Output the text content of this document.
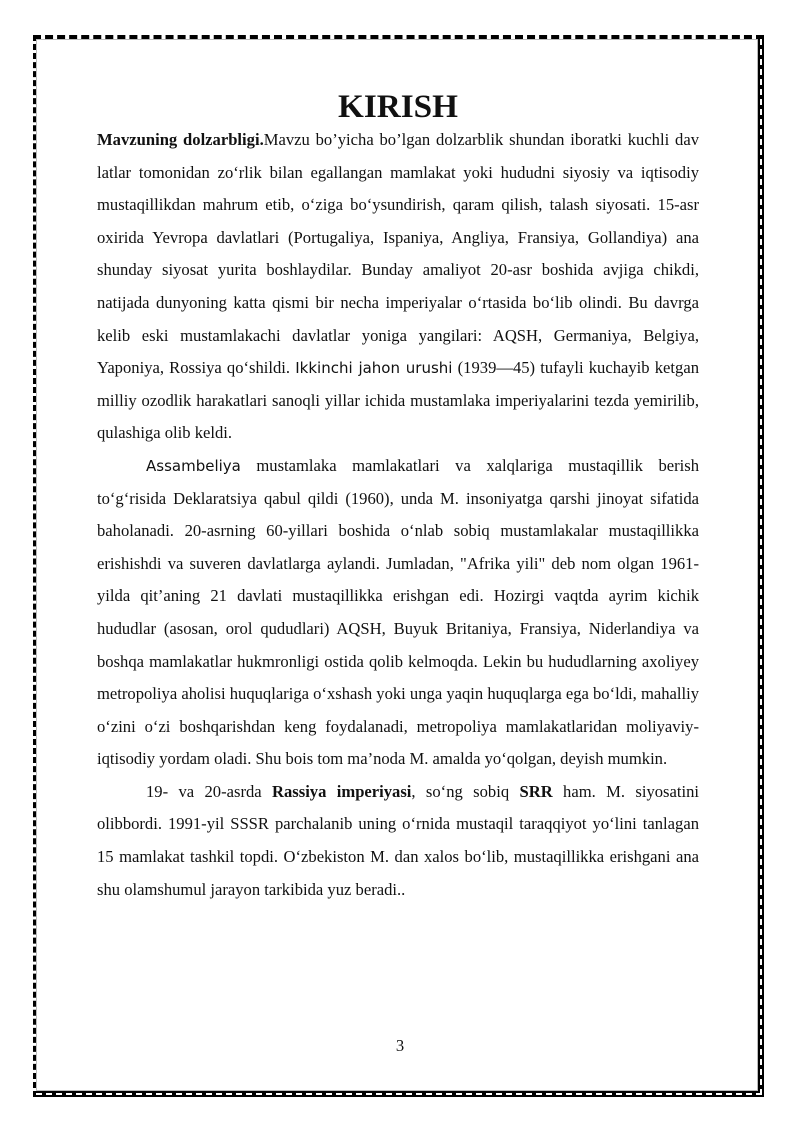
KIRISH

Mavzuning dolzarbligi.Mavzu bo’yicha bo’lgan dolzarblik shundan iboratki kuchli dav latlar tomonidan zo‘rlik bilan egallangan mamlakat yoki hududni siyosiy va iqtisodiy mustaqillikdan mahrum etib, o‘ziga bo‘ysundirish, qaram qilish, talash siyosati. 15-asr oxirida Yevropa davlatlari (Portugaliya, Ispaniya, Angliya, Fransiya, Gollandiya) ana shunday siyosat yurita boshlaydilar. Bunday amaliyot 20-asr boshida avjiga chikdi, natijada dunyoning katta qismi bir necha imperiyalar o‘rtasida bo‘lib olindi. Bu davrga kelib eski mustamlakachi davlatlar yoniga yangilari: AQSH, Germaniya, Belgiya, Yaponiya, Rossiya qo‘shildi. Ikkinchi jahon urushi (1939—45) tufayli kuchayib ketgan milliy ozodlik harakatlari sanoqli yillar ichida mustamlaka imperiyalarini tezda yemirilib, qulashiga olib keldi.

Assambeliya mustamlaka mamlakatlari va xalqlariga mustaqillik berish to‘g‘risida Deklaratsiya qabul qildi (1960), unda M. insoniyatga qarshi jinoyat sifatida baholanadi. 20-asrning 60-yillari boshida o‘nlab sobiq mustamlakalar mustaqillikka erishishdi va suveren davlatlarga aylandi. Jumladan, "Afrika yili" deb nom olgan 1961-yilda qit’aning 21 davlati mustaqillikka erishgan edi. Hozirgi vaqtda ayrim kichik hududlar (asosan, orol qududlari) AQSH, Buyuk Britaniya, Fransiya, Niderlandiya va boshqa mamlakatlar hukmronligi ostida qolib kelmoqda. Lekin bu hududlarning axoliyey metropoliya aholisi huquqlariga o‘xshash yoki unga yaqin huquqlarga ega bo‘ldi, mahalliy o‘zini o‘zi boshqarishdan keng foydalanadi, metropoliya mamlakatlaridan moliyaviy-iqtisodiy yordam oladi. Shu bois tom ma’noda M. amalda yo‘qolgan, deyish mumkin.

19- va 20-asrda Rassiya imperiyasi, so‘ng sobiq SRR ham. M. siyosatini olibbordi. 1991-yil SSSR parchalanib uning o‘rnida mustaqil taraqqiyot yo‘lini tanlagan 15 mamlakat tashkil topdi. O‘zbekiston M. dan xalos bo‘lib, mustaqillikka erishgani ana shu olamshumul jarayon tarkibida yuz beradi..

3
